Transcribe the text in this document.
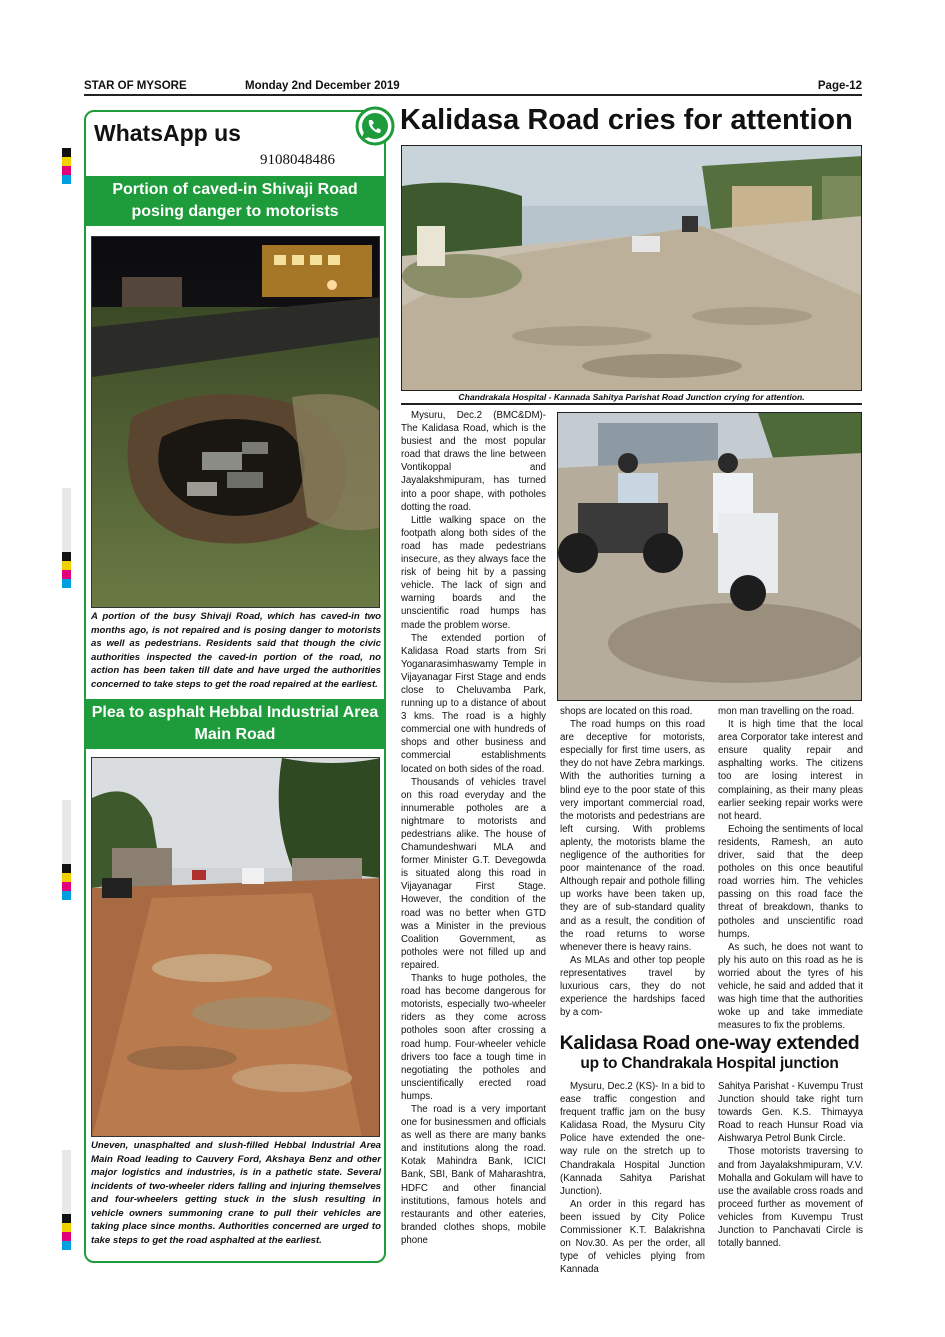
STAR OF MYSORE	Monday 2nd December 2019	Page-12
WhatsApp us
9108048486
Portion of caved-in Shivaji Road posing danger to motorists
A portion of the busy Shivaji Road, which has caved-in two months ago, is not repaired and is posing danger to motorists as well as pedestrians. Residents said that though the civic authorities inspected the caved-in portion of the road, no action has been taken till date and have urged the authorities concerned to take steps to get the road repaired at the earliest.
Plea to asphalt Hebbal Industrial Area Main Road
Uneven, unasphalted and slush-filled Hebbal Industrial Area Main Road leading to Cauvery Ford, Akshaya Benz and other major logistics and industries, is in a pathetic state. Several incidents of two-wheeler riders falling and injuring themselves and four-wheelers getting stuck in the slush resulting in vehicle owners summoning crane to pull their vehicles are taking place since months. Authorities concerned are urged to take steps to get the road asphalted at the earliest.
Kalidasa Road cries for attention
Chandrakala Hospital - Kannada Sahitya Parishat Road Junction crying for attention.

Mysuru, Dec.2 (BMC&DM)- The Kalidasa Road, which is the busiest and the most popular road that draws the line between Vontikoppal and Jayalakshmipuram, has turned into a poor shape, with potholes dotting the road.

Little walking space on the footpath along both sides of the road has made pedestrians insecure, as they always face the risk of being hit by a passing vehicle. The lack of sign and warning boards and the unscientific road humps has made the problem worse.

The extended portion of Kalidasa Road starts from Sri Yoganarasimhaswamy Temple in Vijayanagar First Stage and ends close to Cheluvamba Park, running up to a distance of about 3 kms. The road is a highly commercial one with hundreds of shops and other business and commercial establishments located on both sides of the road.

Thousands of vehicles travel on this road everyday and the innumerable potholes are a nightmare to motorists and pedestrians alike. The house of Chamundeshwari MLA and former Minister G.T. Devegowda is situated along this road in Vijayanagar First Stage. However, the condition of the road was no better when GTD was a Minister in the previous Coalition Government, as potholes were not filled up and repaired.

Thanks to huge potholes, the road has become dangerous for motorists, especially two-wheeler riders as they come across potholes soon after crossing a road hump. Four-wheeler vehicle drivers too face a tough time in negotiating the potholes and unscientifically erected road humps.

The road is a very important one for businessmen and officials as well as there are many banks and institutions along the road. Kotak Mahindra Bank, ICICI Bank, SBI, Bank of Maharashtra, HDFC and other financial institutions, famous hotels and restaurants and other eateries, branded clothes shops, mobile phone

shops are located on this road.

The road humps on this road are deceptive for motorists, especially for first time users, as they do not have Zebra markings. With the authorities turning a blind eye to the poor state of this very important commercial road, the motorists and pedestrians are left cursing. With problems aplenty, the motorists blame the negligence of the authorities for poor maintenance of the road. Although repair and pothole filling up works have been taken up, they are of sub-standard quality and as a result, the condition of the road returns to worse whenever there is heavy rains.

As MLAs and other top people representatives travel by luxurious cars, they do not experience the hardships faced by a com-

mon man travelling on the road.

It is high time that the local area Corporator take interest and ensure quality repair and asphalting works. The citizens too are losing interest in complaining, as their many pleas earlier seeking repair works were not heard.

Echoing the sentiments of local residents, Ramesh, an auto driver, said that the deep potholes on this once beautiful road worries him. The vehicles passing on this road face the threat of breakdown, thanks to potholes and unscientific road humps.

As such, he does not want to ply his auto on this road as he is worried about the tyres of his vehicle, he said and added that it was high time that the authorities woke up and take immediate measures to fix the problems.

Kalidasa Road one-way extended
up to Chandrakala Hospital junction

Mysuru, Dec.2 (KS)- In a bid to ease traffic congestion and frequent traffic jam on the busy Kalidasa Road, the Mysuru City Police have extended the one-way rule on the stretch up to Chandrakala Hospital Junction (Kannada Sahitya Parishat Junction).

An order in this regard has been issued by City Police Commissioner K.T. Balakrishna on Nov.30. As per the order, all type of vehicles plying from Kannada

Sahitya Parishat - Kuvempu Trust Junction should take right turn towards Gen. K.S. Thimayya Road to reach Hunsur Road via Aishwarya Petrol Bunk Circle.

Those motorists traversing to and from Jayalakshmipuram, V.V. Mohalla and Gokulam will have to use the available cross roads and proceed further as movement of vehicles from Kuvempu Trust Junction to Panchavati Circle is totally banned.
